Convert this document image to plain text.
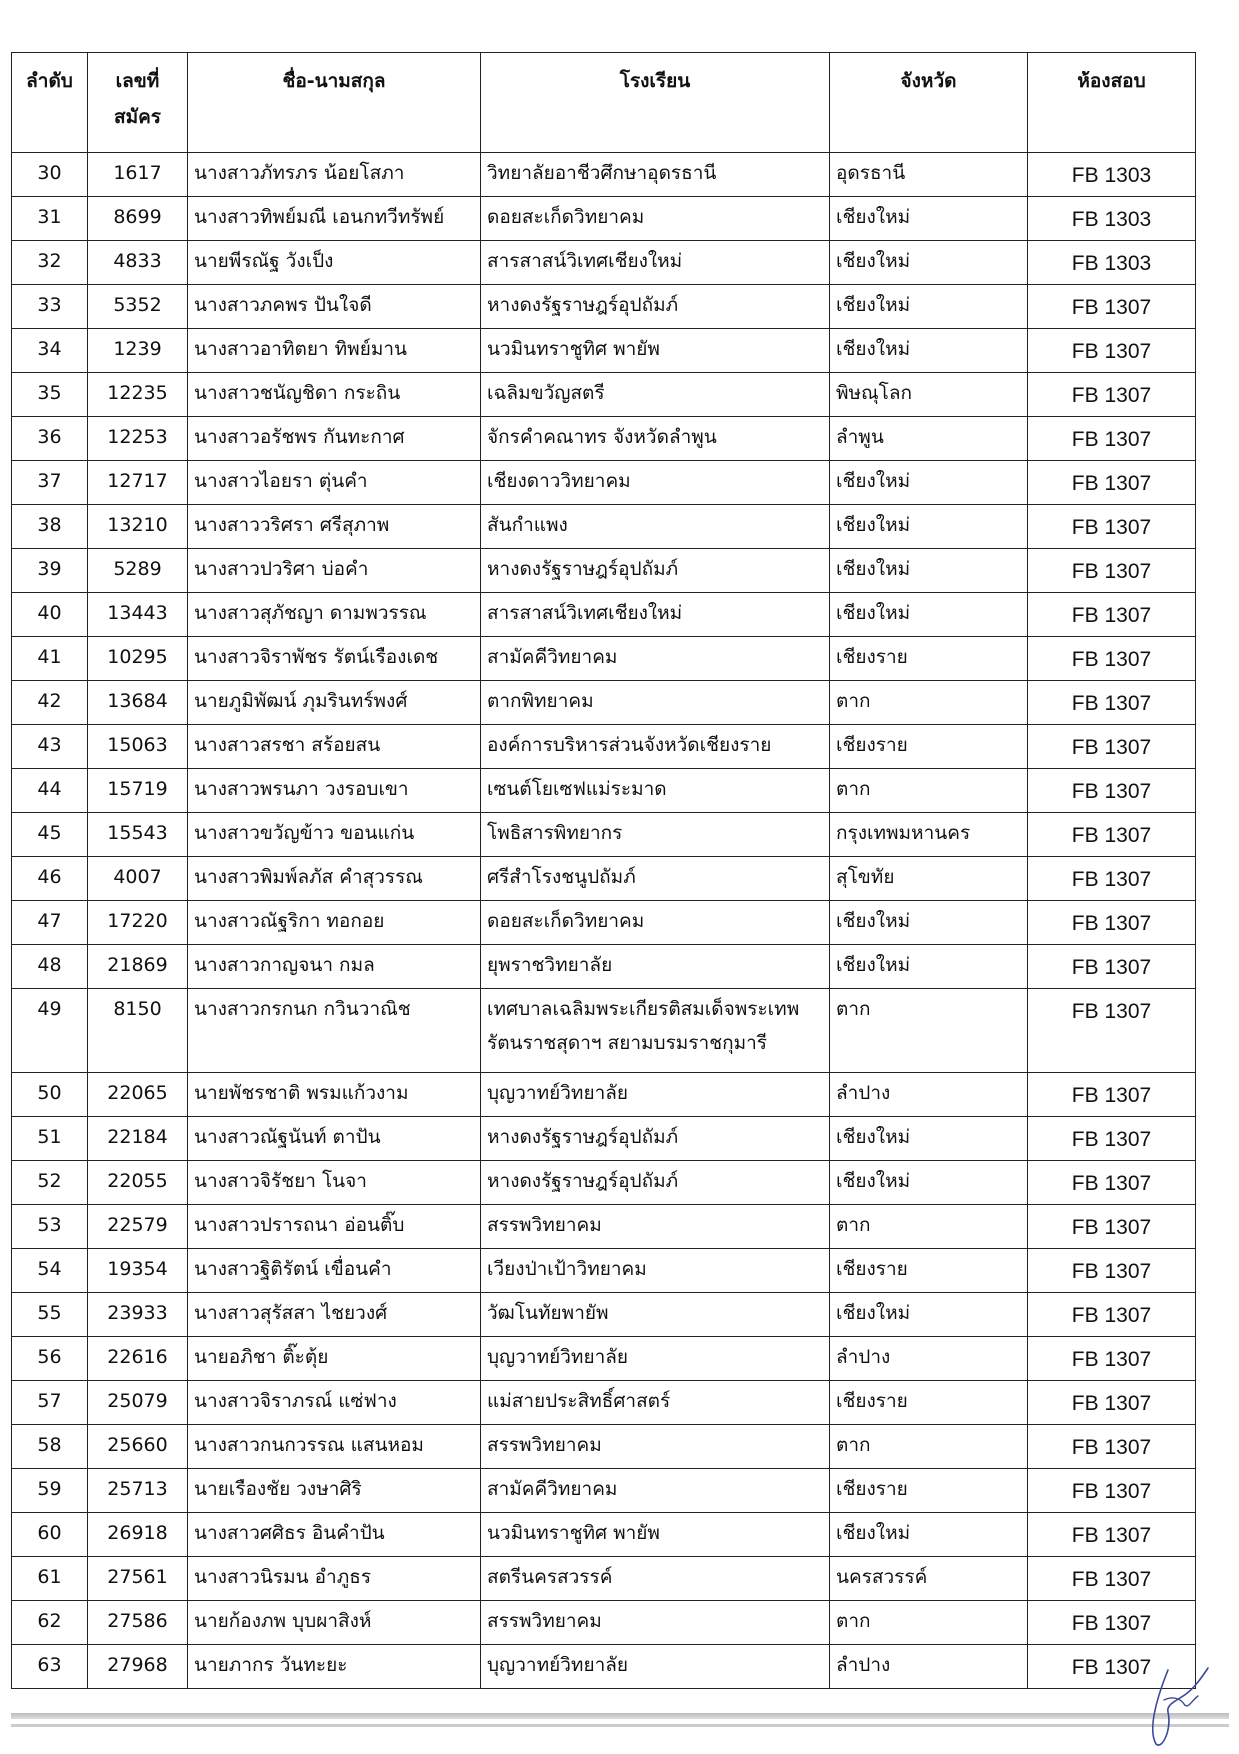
ลำดับ	เลขที่สมัคร	ชื่อ-นามสกุล	โรงเรียน	จังหวัด	ห้องสอบ
30	1617	นางสาวภัทรภร น้อยโสภา	วิทยาลัยอาชีวศึกษาอุดรธานี	อุดรธานี	FB 1303
31	8699	นางสาวทิพย์มณี เอนกทวีทรัพย์	ดอยสะเก็ดวิทยาคม	เชียงใหม่	FB 1303
32	4833	นายพีรณัฐ วังเป็ง	สารสาสน์วิเทศเชียงใหม่	เชียงใหม่	FB 1303
33	5352	นางสาวภคพร ปันใจดี	หางดงรัฐราษฎร์อุปถัมภ์	เชียงใหม่	FB 1307
34	1239	นางสาวอาทิตยา ทิพย์มาน	นวมินทราชูทิศ พายัพ	เชียงใหม่	FB 1307
35	12235	นางสาวชนัญชิดา กระถิน	เฉลิมขวัญสตรี	พิษณุโลก	FB 1307
36	12253	นางสาวอรัชพร กันทะกาศ	จักรคำคณาทร จังหวัดลำพูน	ลำพูน	FB 1307
37	12717	นางสาวไอยรา ตุ่นคำ	เชียงดาววิทยาคม	เชียงใหม่	FB 1307
38	13210	นางสาววริศรา ศรีสุภาพ	สันกำแพง	เชียงใหม่	FB 1307
39	5289	นางสาวปวริศา บ่อคำ	หางดงรัฐราษฎร์อุปถัมภ์	เชียงใหม่	FB 1307
40	13443	นางสาวสุภัชญา ดามพวรรณ	สารสาสน์วิเทศเชียงใหม่	เชียงใหม่	FB 1307
41	10295	นางสาวจิราพัชร รัตน์เรืองเดช	สามัคคีวิทยาคม	เชียงราย	FB 1307
42	13684	นายภูมิพัฒน์ ภุมรินทร์พงศ์	ตากพิทยาคม	ตาก	FB 1307
43	15063	นางสาวสรชา สร้อยสน	องค์การบริหารส่วนจังหวัดเชียงราย	เชียงราย	FB 1307
44	15719	นางสาวพรนภา วงรอบเขา	เซนต์โยเซฟแม่ระมาด	ตาก	FB 1307
45	15543	นางสาวขวัญข้าว ขอนแก่น	โพธิสารพิทยากร	กรุงเทพมหานคร	FB 1307
46	4007	นางสาวพิมพ์ลภัส คำสุวรรณ	ศรีสำโรงชนูปถัมภ์	สุโขทัย	FB 1307
47	17220	นางสาวณัฐริกา ทอกอย	ดอยสะเก็ดวิทยาคม	เชียงใหม่	FB 1307
48	21869	นางสาวกาญจนา กมล	ยุพราชวิทยาลัย	เชียงใหม่	FB 1307
49	8150	นางสาวกรกนก กวินวาณิช	เทศบาลเฉลิมพระเกียรติสมเด็จพระเทพรัตนราชสุดาฯ สยามบรมราชกุมารี	ตาก	FB 1307
50	22065	นายพัชรชาติ พรมแก้วงาม	บุญวาทย์วิทยาลัย	ลำปาง	FB 1307
51	22184	นางสาวณัฐนันท์ ตาปัน	หางดงรัฐราษฎร์อุปถัมภ์	เชียงใหม่	FB 1307
52	22055	นางสาวจิรัชยา โนจา	หางดงรัฐราษฎร์อุปถัมภ์	เชียงใหม่	FB 1307
53	22579	นางสาวปรารถนา อ่อนติ๊บ	สรรพวิทยาคม	ตาก	FB 1307
54	19354	นางสาวฐิติรัตน์ เขื่อนคำ	เวียงป่าเป้าวิทยาคม	เชียงราย	FB 1307
55	23933	นางสาวสุรัสสา ไชยวงศ์	วัฒโนทัยพายัพ	เชียงใหม่	FB 1307
56	22616	นายอภิชา ติ๊ะตุ้ย	บุญวาทย์วิทยาลัย	ลำปาง	FB 1307
57	25079	นางสาวจิราภรณ์ แซ่ฟาง	แม่สายประสิทธิ์ศาสตร์	เชียงราย	FB 1307
58	25660	นางสาวกนกวรรณ แสนหอม	สรรพวิทยาคม	ตาก	FB 1307
59	25713	นายเรืองชัย วงษาศิริ	สามัคคีวิทยาคม	เชียงราย	FB 1307
60	26918	นางสาวศศิธร อินคำปัน	นวมินทราชูทิศ พายัพ	เชียงใหม่	FB 1307
61	27561	นางสาวนิรมน อำภูธร	สตรีนครสวรรค์	นครสวรรค์	FB 1307
62	27586	นายก้องภพ บุบผาสิงห์	สรรพวิทยาคม	ตาก	FB 1307
63	27968	นายภากร วันทะยะ	บุญวาทย์วิทยาลัย	ลำปาง	FB 1307
